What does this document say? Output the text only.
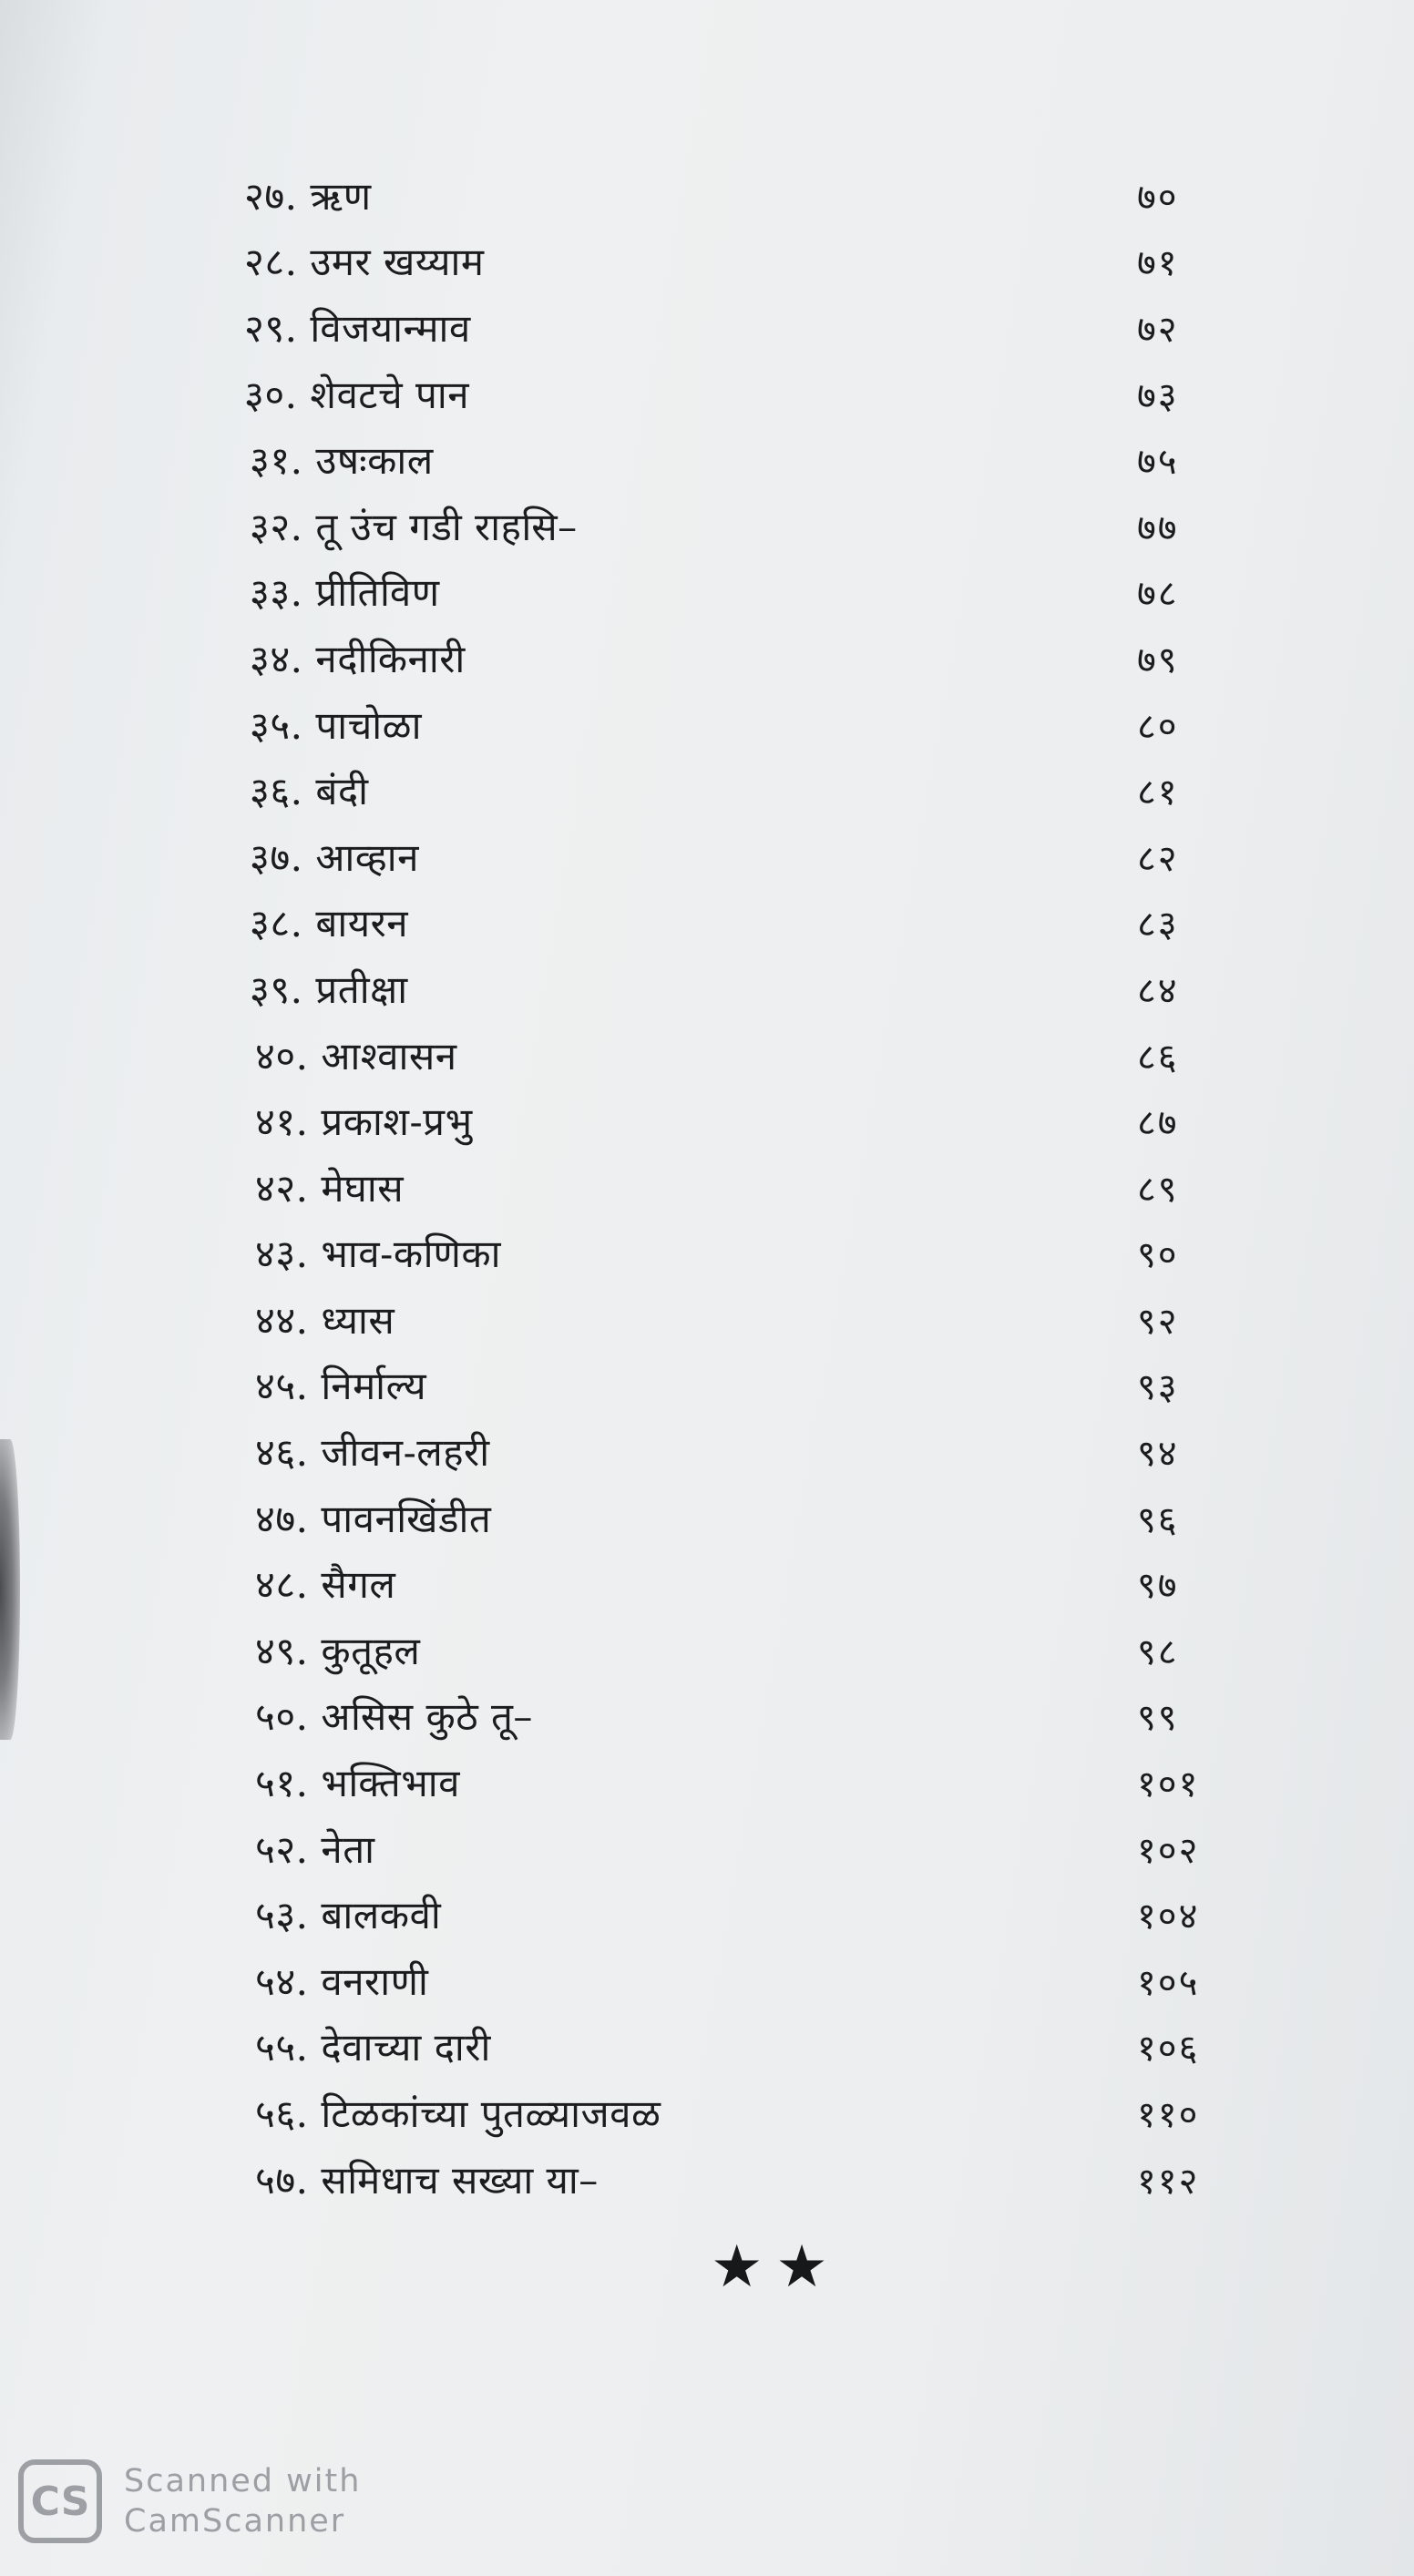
२७. ऋण	७०
२८. उमर खय्याम	७१
२९. विजयान्माव	७२
३०. शेवटचे पान	७३
३१. उषःकाल	७५
३२. तू उंच गडी राहसि–	७७
३३. प्रीतिविण	७८
३४. नदीकिनारी	७९
३५. पाचोळा	८०
३६. बंदी	८१
३७. आव्हान	८२
३८. बायरन	८३
३९. प्रतीक्षा	८४
४०. आश्वासन	८६
४१. प्रकाश-प्रभु	८७
४२. मेघास	८९
४३. भाव-कणिका	९०
४४. ध्यास	९२
४५. निर्माल्य	९३
४६. जीवन-लहरी	९४
४७. पावनखिंडीत	९६
४८. सैगल	९७
४९. कुतूहल	९८
५०. असिस कुठे तू–	९९
५१. भक्तिभाव	१०१
५२. नेता	१०२
५३. बालकवी	१०४
५४. वनराणी	१०५
५५. देवाच्या दारी	१०६
५६. टिळकांच्या पुतळ्याजवळ	११०
५७. समिधाच सख्या या–	११२
★★
CS	Scanned with
CamScanner
